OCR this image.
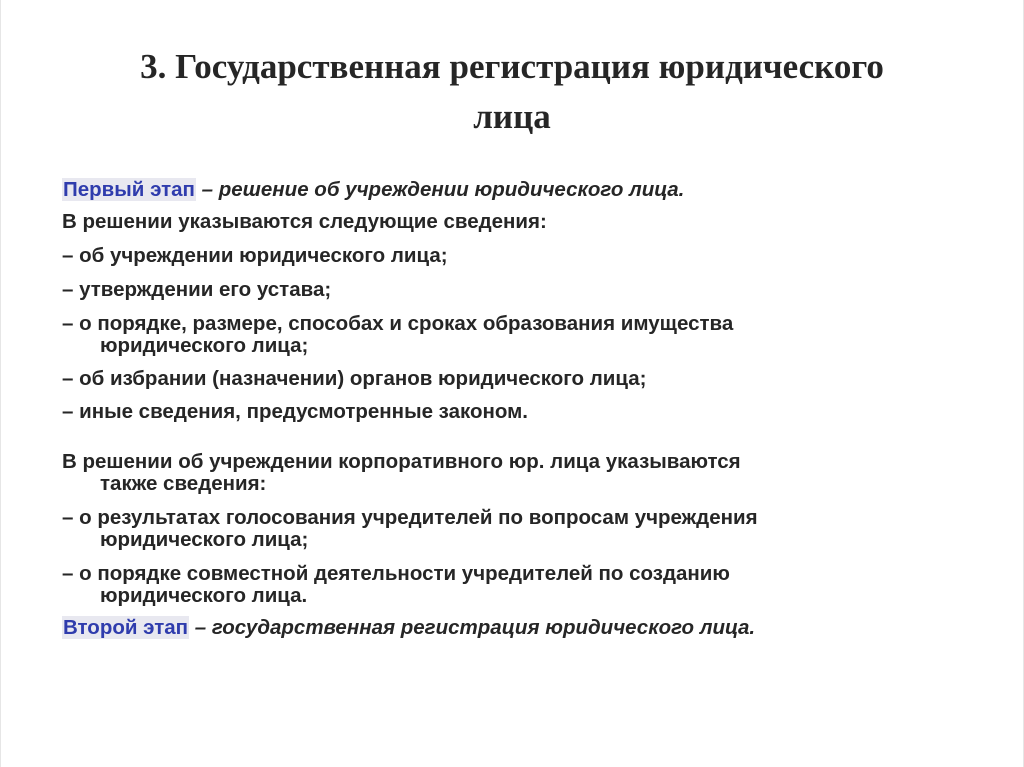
3. Государственная регистрация юридического
лица
Первый этап – решение об учреждении юридического лица.
В решении указываются следующие сведения:
– об учреждении юридического лица;
– утверждении его устава;
– о порядке, размере, способах и сроках образования имущества
юридического лица;
– об избрании (назначении) органов юридического лица;
– иные сведения, предусмотренные законом.
В решении об учреждении корпоративного юр. лица указываются
также сведения:
– о результатах голосования учредителей по вопросам учреждения
юридического лица;
– о порядке совместной деятельности учредителей по созданию
юридического лица.
Второй этап – государственная регистрация юридического лица.
